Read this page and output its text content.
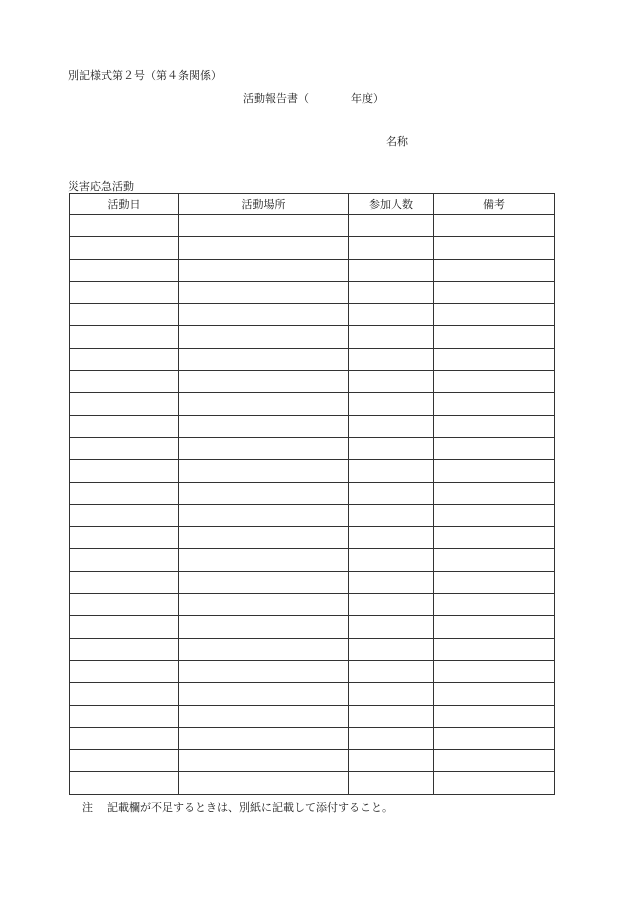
別記様式第２号（第４条関係）
活動報告書（	年度）
名称
災害応急活動
活動日	活動場所	参加人数	備考

注 記載欄が不足するときは、別紙に記載して添付すること。
